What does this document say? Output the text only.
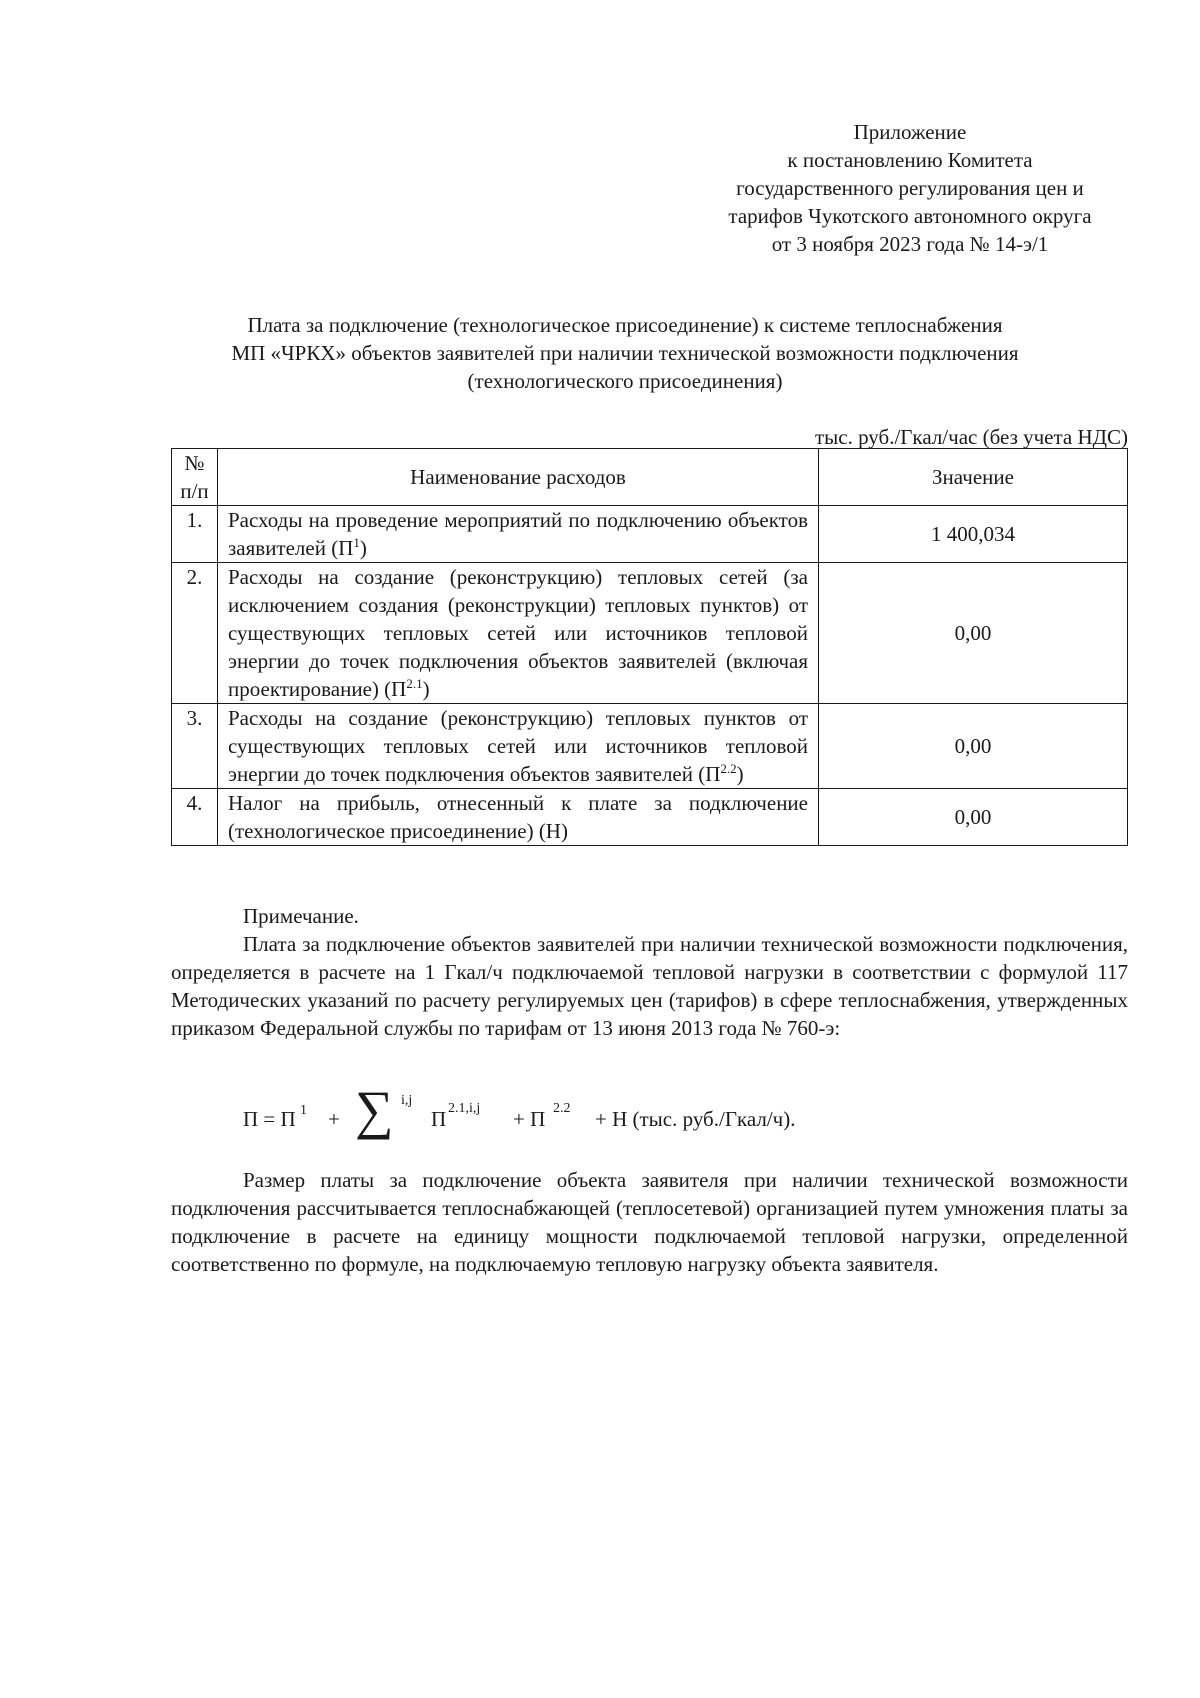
Приложение
к постановлению Комитета
государственного регулирования цен и
тарифов Чукотского автономного округа
от 3 ноября 2023 года № 14-э/1
Плата за подключение (технологическое присоединение) к системе теплоснабжения
МП «ЧРКХ» объектов заявителей при наличии технической возможности подключения
(технологического присоединения)
тыс. руб./Гкал/час (без учета НДС)
№
п/п	Наименование расходов	Значение
1.	Расходы на проведение мероприятий по подключению объектов заявителей $(П^1)$	1 400,034
2.	Расходы на создание (реконструкцию) тепловых сетей (за исключением создания (реконструкции) тепловых пунктов) от существующих тепловых сетей или источников тепловой энергии до точек подключения объектов заявителей (включая проектирование) $(П^{2.1})$	0,00
3.	Расходы на создание (реконструкцию) тепловых пунктов от существующих тепловых сетей или источников тепловой энергии до точек подключения объектов заявителей $(П^{2.2})$	0,00
4.	Налог на прибыль, отнесенный к плате за подключение (технологическое присоединение) (Н)	0,00
Примечание.

Плата за подключение объектов заявителей при наличии технической возможности подключения, определяется в расчете на 1 Гкал/ч подключаемой тепловой нагрузки в соответствии с формулой 117 Методических указаний по расчету регулируемых цен (тарифов) в сфере теплоснабжения, утвержденных приказом Федеральной службы по тарифам от 13 июня 2013 года № 760-э:

П = П 1 + ∑ i,j
П 2.1,i,j + П 2.2 + Н (тыс. руб./Гкал/ч).

Размер платы за подключение объекта заявителя при наличии технической возможности подключения рассчитывается теплоснабжающей (теплосетевой) организацией путем умножения платы за подключение в расчете на единицу мощности подключаемой тепловой нагрузки, определенной соответственно по формуле, на подключаемую тепловую нагрузку объекта заявителя.
